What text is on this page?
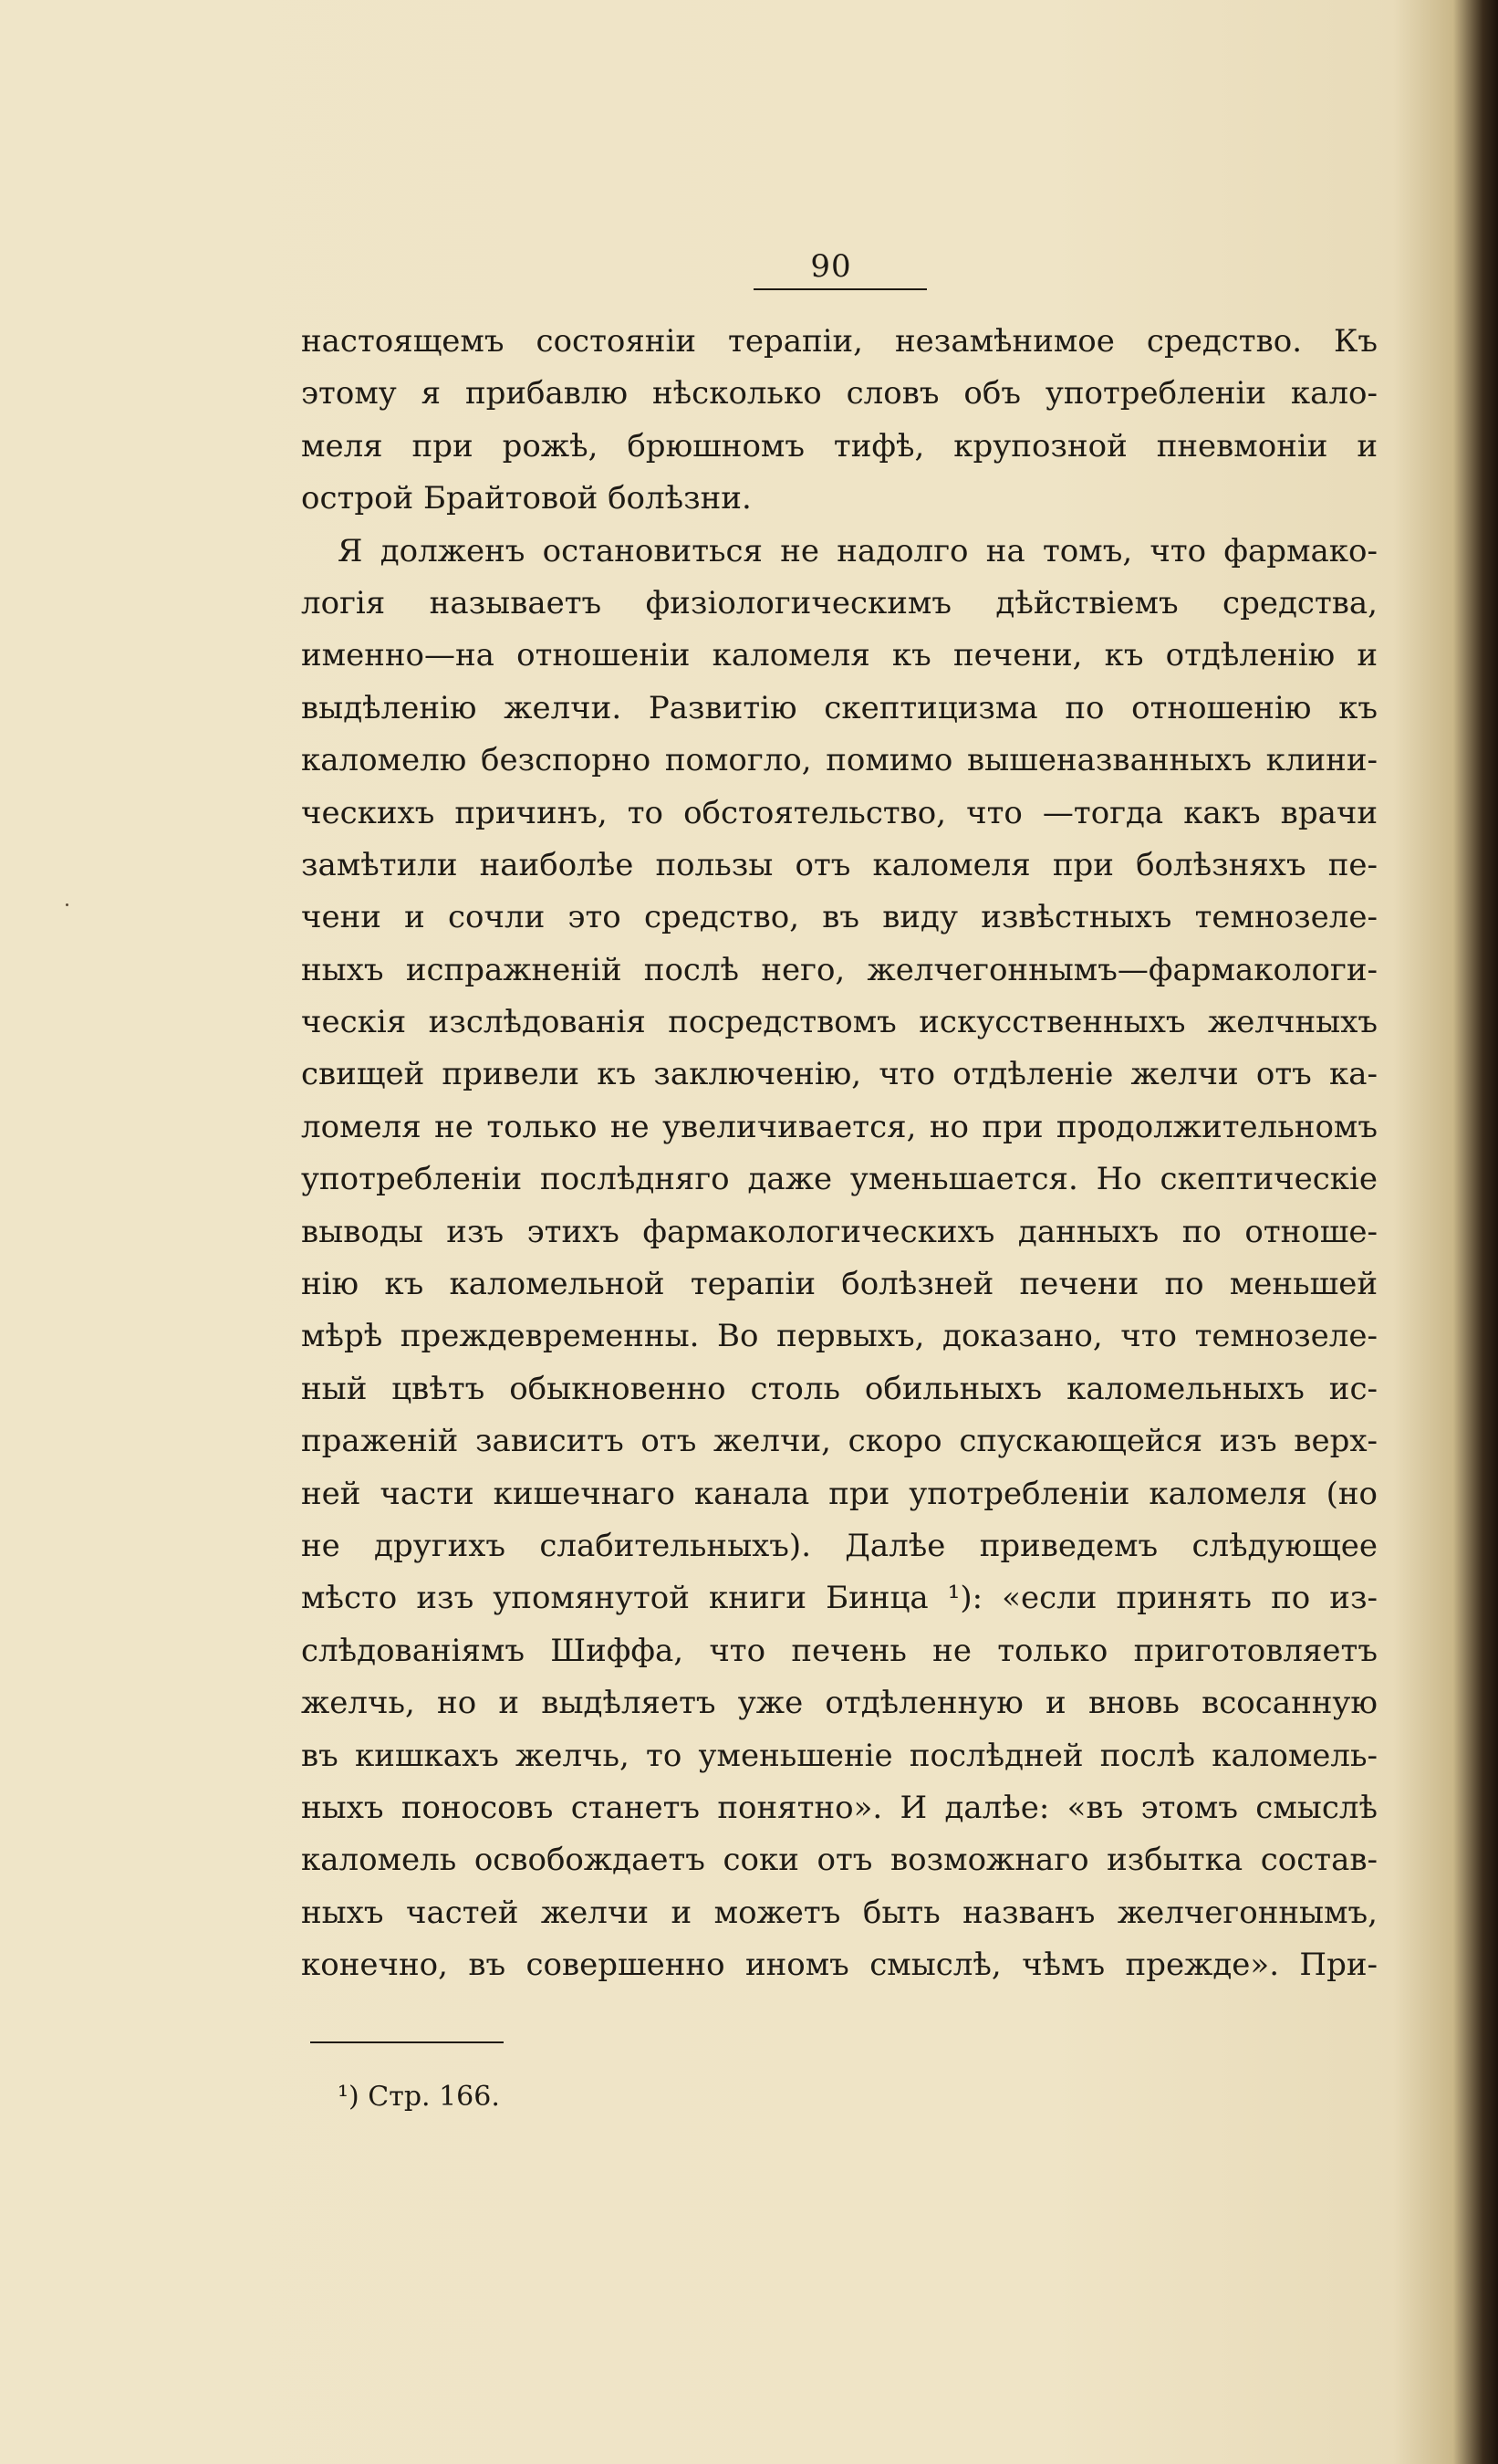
90
настоящемъ состояніи терапіи, незамѣнимое средство. Къ
этому я прибавлю нѣсколько словъ объ употребленіи кало-
меля при рожѣ, брюшномъ тифѣ, крупозной пневмоніи и
острой Брайтовой болѣзни.
Я долженъ остановиться не надолго на томъ, что фармако-
логія называетъ физіологическимъ дѣйствіемъ средства,
именно—на отношеніи каломеля къ печени, къ отдѣленію и
выдѣленію желчи. Развитію скептицизма по отношенію къ
каломелю безспорно помогло, помимо вышеназванныхъ клини-
ческихъ причинъ, то обстоятельство, что —тогда какъ врачи
замѣтили наиболѣе пользы отъ каломеля при болѣзняхъ пе-
чени и сочли это средство, въ виду извѣстныхъ темнозеле-
ныхъ испражненій послѣ него, желчегоннымъ—фармакологи-
ческія изслѣдованія посредствомъ искусственныхъ желчныхъ
свищей привели къ заключенію, что отдѣленіе желчи отъ ка-
ломеля не только не увеличивается, но при продолжительномъ
употребленіи послѣдняго даже уменьшается. Но скептическіе
выводы изъ этихъ фармакологическихъ данныхъ по отноше-
нію къ каломельной терапіи болѣзней печени по меньшей
мѣрѣ преждевременны. Во первыхъ, доказано, что темнозеле-
ный цвѣтъ обыкновенно столь обильныхъ каломельныхъ ис-
праженій зависитъ отъ желчи, скоро спускающейся изъ верх-
ней части кишечнаго канала при употребленіи каломеля (но
не другихъ слабительныхъ). Далѣе приведемъ слѣдующее
мѣсто изъ упомянутой книги Бинца ¹): «если принять по из-
слѣдованіямъ Шиффа, что печень не только приготовляетъ
желчь, но и выдѣляетъ уже отдѣленную и вновь всосанную
въ кишкахъ желчь, то уменьшеніе послѣдней послѣ каломель-
ныхъ поносовъ станетъ понятно». И далѣе: «въ этомъ смыслѣ
каломель освобождаетъ соки отъ возможнаго избытка состав-
ныхъ частей желчи и можетъ быть названъ желчегоннымъ,
конечно, въ совершенно иномъ смыслѣ, чѣмъ прежде». При-
¹) Стр. 166.
